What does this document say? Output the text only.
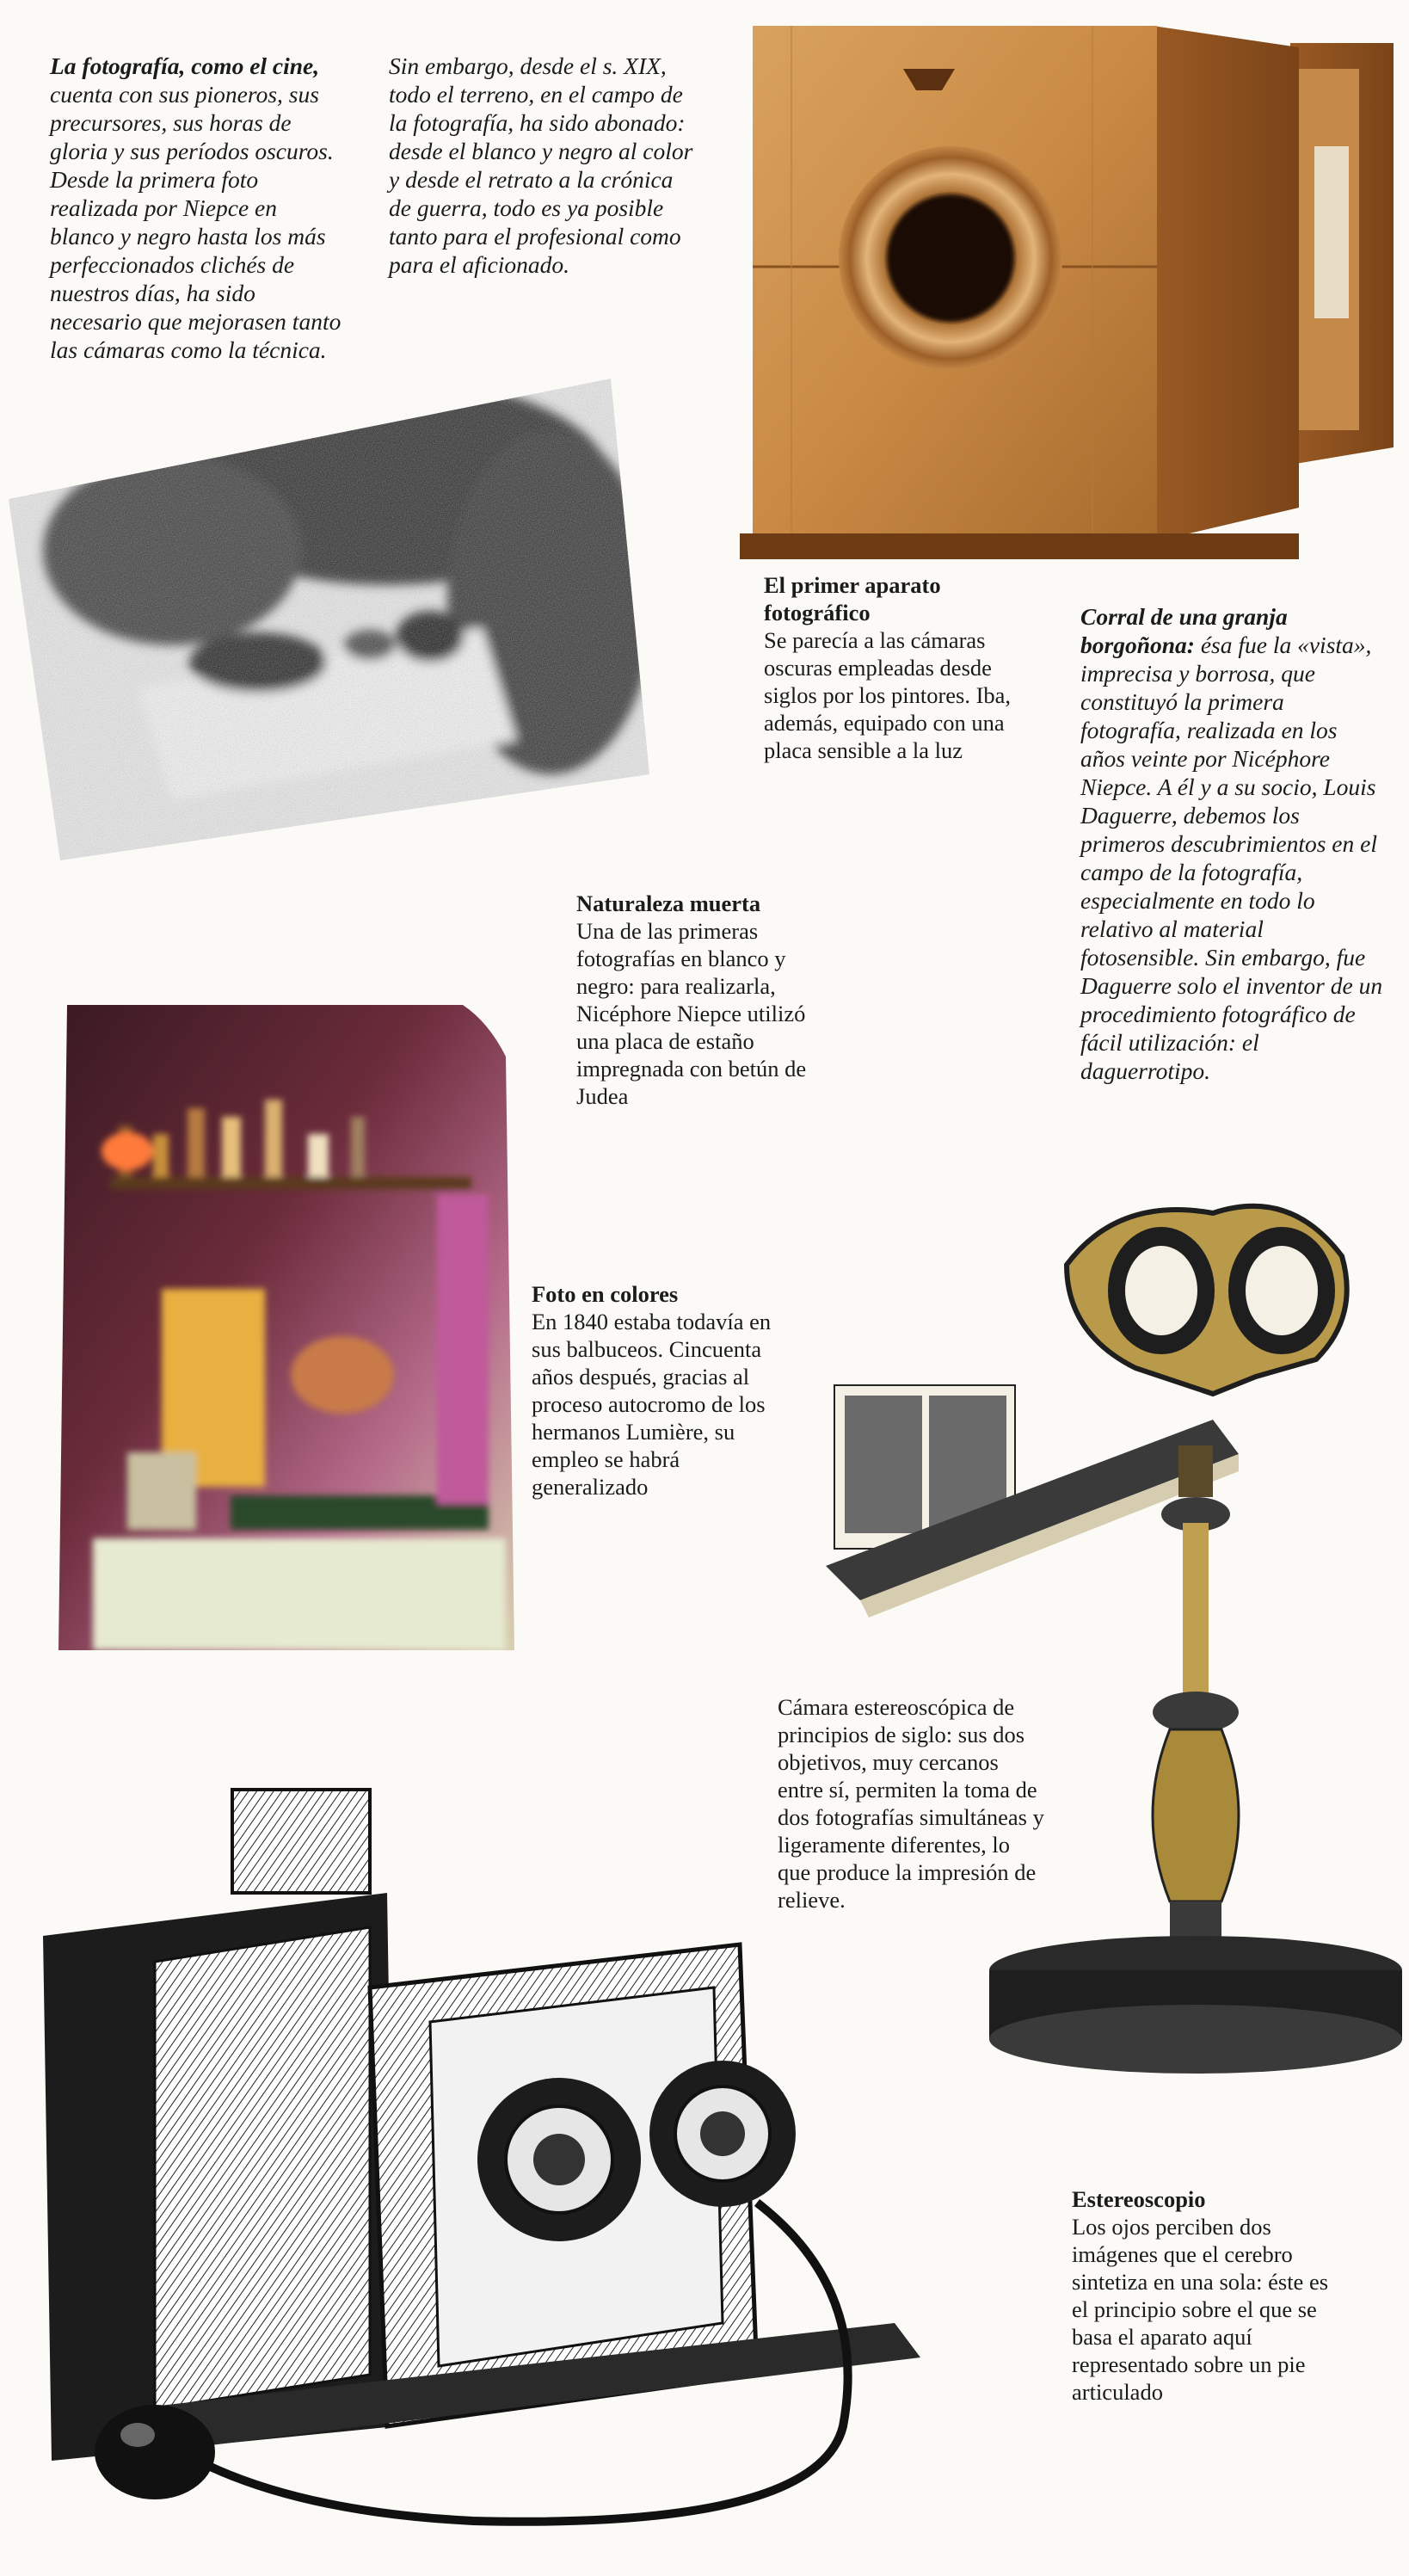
La fotografía, como el cine, cuenta con sus pioneros, sus precursores, sus horas de gloria y sus períodos oscuros. Desde la primera foto realizada por Niepce en blanco y negro hasta los más perfeccionados clichés de nuestros días, ha sido necesario que mejorasen tanto las cámaras como la técnica.

Sin embargo, desde el s. XIX, todo el terreno, en el campo de la fotografía, ha sido abonado: desde el blanco y negro al color y desde el retrato a la crónica de guerra, todo es ya posible tanto para el profesional como para el aficionado.

El primer aparato fotográfico
Se parecía a las cámaras oscuras empleadas desde siglos por los pintores. Iba, además, equipado con una placa sensible a la luz

Corral de una granja borgoñona: ésa fue la «vista», imprecisa y borrosa, que constituyó la primera fotografía, realizada en los años veinte por Nicéphore Niepce. A él y a su socio, Louis Daguerre, debemos los primeros descubrimientos en el campo de la fotografía, especialmente en todo lo relativo al material fotosensible. Sin embargo, fue Daguerre solo el inventor de un procedimiento fotográfico de fácil utilización: el daguerrotipo.

Naturaleza muerta
Una de las primeras fotografías en blanco y negro: para realizarla, Nicéphore Niepce utilizó una placa de estaño impregnada con betún de Judea
Foto en colores
En 1840 estaba todavía en sus balbuceos. Cincuenta años después, gracias al proceso autocromo de los hermanos Lumière, su empleo se habrá generalizado
Cámara estereoscópica de principios de siglo: sus dos objetivos, muy cercanos entre sí, permiten la toma de dos fotografías simultáneas y ligeramente diferentes, lo que produce la impresión de relieve.
Estereoscopio
Los ojos perciben dos imágenes que el cerebro sintetiza en una sola: éste es el principio sobre el que se basa el aparato aquí representado sobre un pie articulado
